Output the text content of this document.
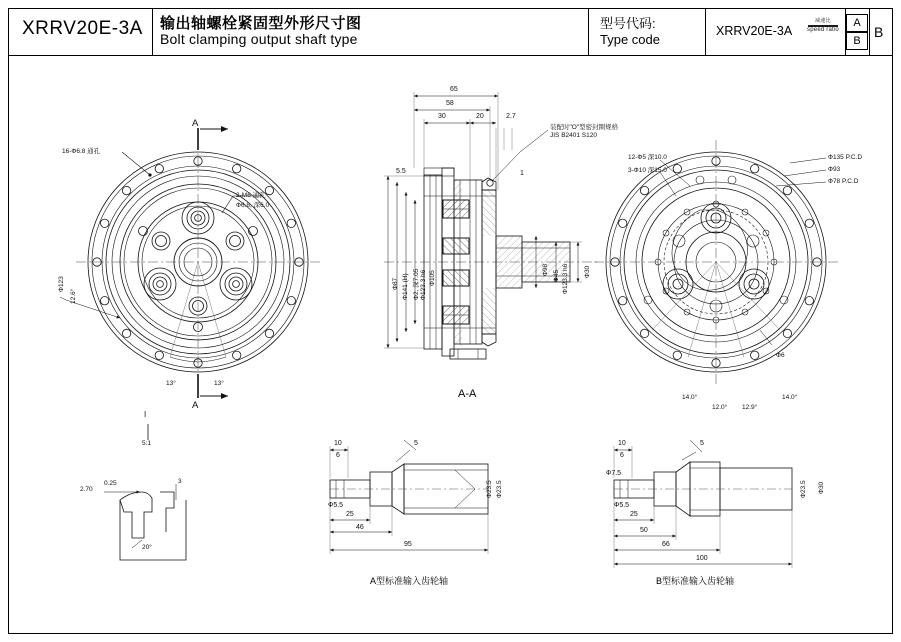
XRRV20E-3A 输出轴螺栓紧固型外形尺寸图
Bolt clamping output shaft type
型号代码:
Type code
XRRV20E-3A
减速比
speed ratio
A
B
B
A
A
16-Ф6.8 通孔
2-M6 通孔
Ф6.8, 深6.0
Ф123
12.6°
13°	13°
65
58
30	20	2.7
Ф87 Ф141 (H) Ф2, 深7.05 Ф123.3 h6 Ф105
5.5	1
Ф98 Ф123.3 h6
Ф45	Ф30
装配时"O"型密封圈规格
JIS B2401 S120
A-A
12-Ф5 深10.0
3-Ф10 深15.0
Ф135 P.C.D
Ф93
Ф78 P.C.D
Ф6
14.0°
12.0° 12.9°
14.0°
I
5:1
2.70
0.25	3
20°
10
6
5
Ф5.5
Ф23.5
Ф23.5
25
46
95
A型标准输入齿轮轴
10
6
5
Ф5.5
Ф7.5
Ф23.5 Ф30
25
50
66
100
B型标准输入齿轮轴
